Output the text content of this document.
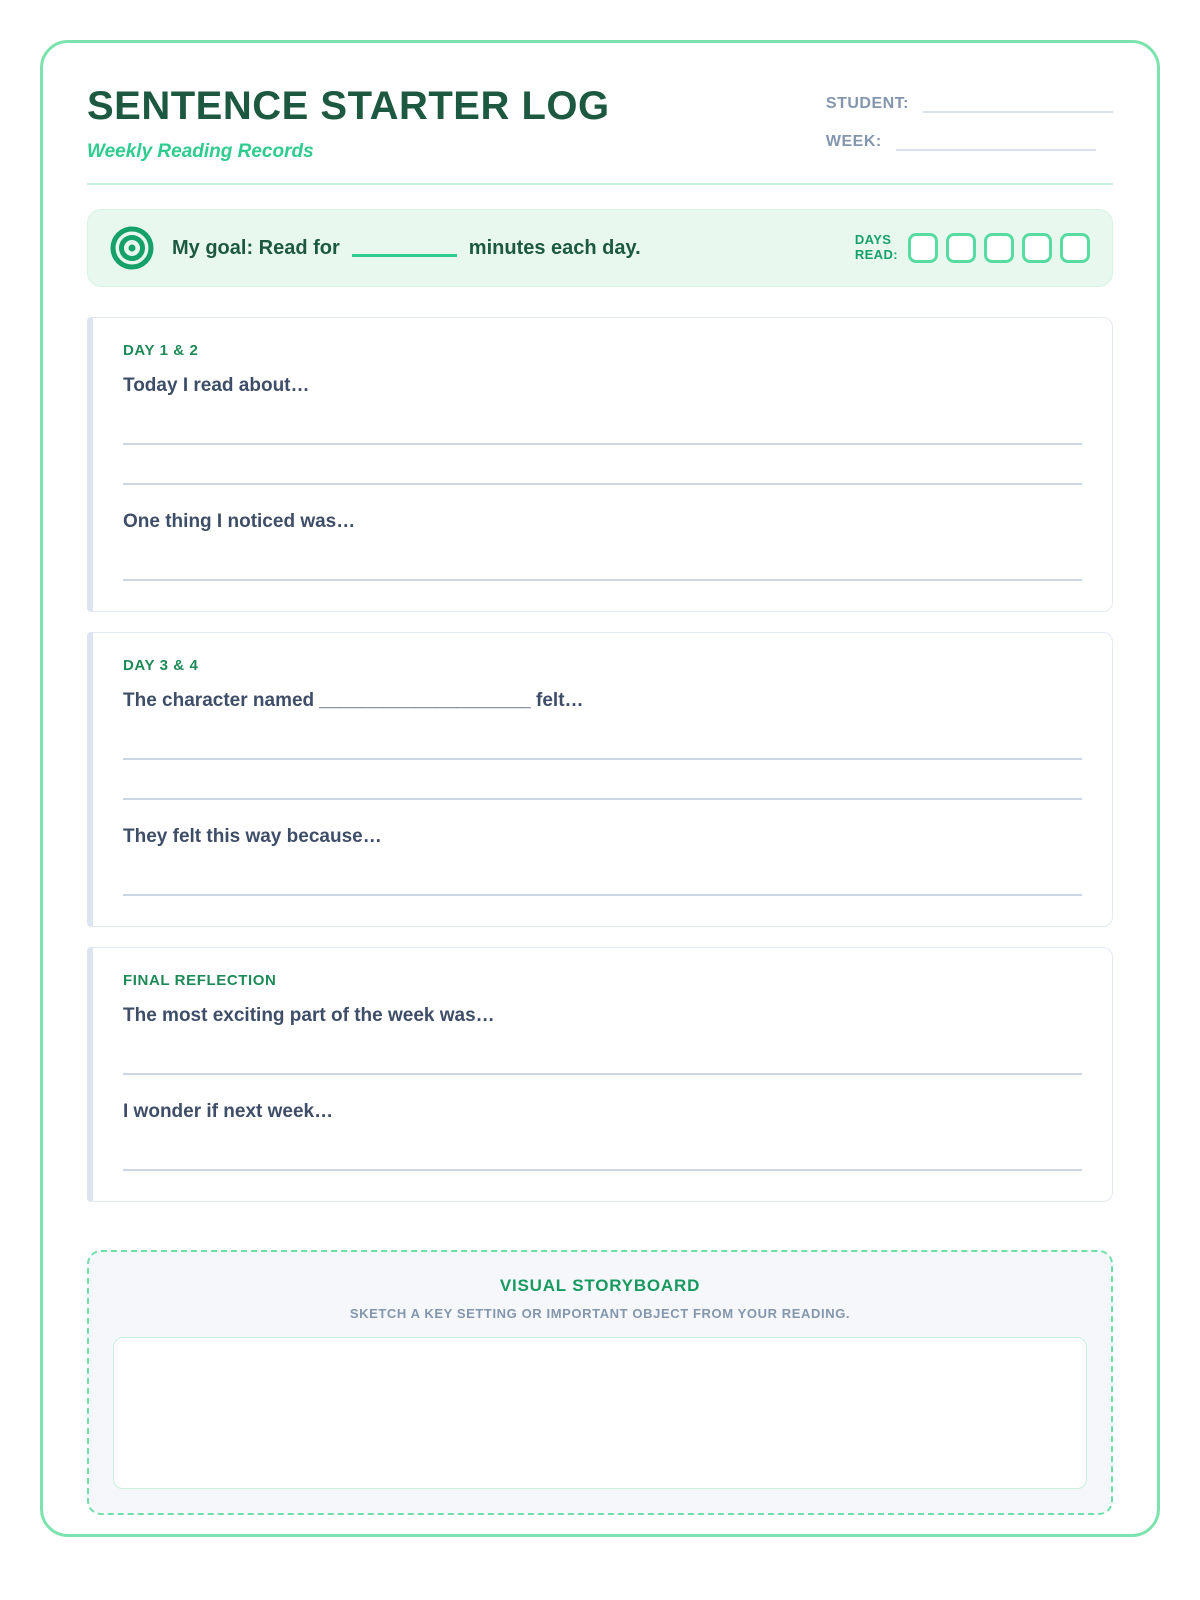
SENTENCE STARTER LOG
Weekly Reading Records
STUDENT:
WEEK:
My goal: Read for	minutes each day.	DAYS
READ:
DAY 1 & 2

Today I read about…

One thing I noticed was…

DAY 3 & 4

The character named ____________________ felt…

They felt this way because…

FINAL REFLECTION

The most exciting part of the week was…

I wonder if next week…

VISUAL STORYBOARD
SKETCH A KEY SETTING OR IMPORTANT OBJECT FROM YOUR READING.
